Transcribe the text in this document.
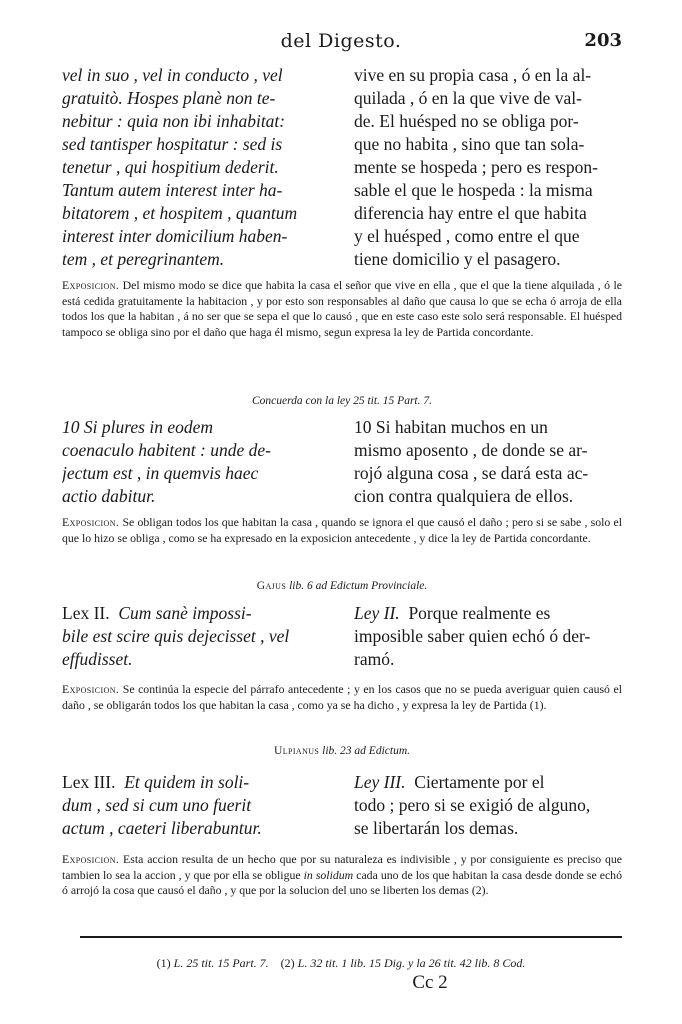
del Digesto.	203
vel in suo , vel in conducto , vel
gratuitò. Hospes planè non te-
nebitur : quia non ibi inhabitat:
sed tantisper hospitatur : sed is
tenetur , qui hospitium dederit.
Tantum autem interest inter ha-
bitatorem , et hospitem , quantum
interest inter domicilium haben-
tem , et peregrinantem.
vive en su propia casa , ó en la al-
quilada , ó en la que vive de val-
de. El huésped no se obliga por-
que no habita , sino que tan sola-
mente se hospeda ; pero es respon-
sable el que le hospeda : la misma
diferencia hay entre el que habita
y el huésped , como entre el que
tiene domicilio y el pasagero.

Exposicion. Del mismo modo se dice que habita la casa el señor que vive en ella , que el que la tiene alquilada , ó le está cedida gratuitamente la habitacion , y por esto son responsables al daño que causa lo que se echa ó arroja de ella todos los que la habitan , á no ser que se sepa el que lo causó , que en este caso este solo será responsable. El huésped tampoco se obliga sino por el daño que haga él mismo, segun expresa la ley de Partida concordante.

Concuerda con la ley 25 tit. 15 Part. 7.

10 Si plures in eodem
coenaculo habitent : unde de-
jectum est , in quemvis haec
actio dabitur.
10 Si habitan muchos en un
mismo aposento , de donde se ar-
rojó alguna cosa , se dará esta ac-
cion contra qualquiera de ellos.

Exposicion. Se obligan todos los que habitan la casa , quando se ignora el que causó el daño ; pero si se sabe , solo el que lo hizo se obliga , como se ha expresado en la exposicion antecedente , y dice la ley de Partida concordante.

Gajus lib. 6 ad Edictum Provinciale.

Lex II. Cum sanè impossi-
bile est scire quis dejecisset , vel
effudisset.
Ley II. Porque realmente es
imposible saber quien echó ó der-
ramó.

Exposicion. Se continúa la especie del párrafo antecedente ; y en los casos que no se pueda averiguar quien causó el daño , se obligarán todos los que habitan la casa , como ya se ha dicho , y expresa la ley de Partida (1).

Ulpianus lib. 23 ad Edictum.

Lex III. Et quidem in soli-
dum , sed si cum uno fuerit
actum , caeteri liberabuntur.
Ley III. Ciertamente por el
todo ; pero si se exigió de alguno,
se libertarán los demas.

Exposicion. Esta accion resulta de un hecho que por su naturaleza es indivisible , y por consiguiente es preciso que tambien lo sea la accion , y que por ella se obligue in solidum cada uno de los que habitan la casa desde donde se echó ó arrojó la cosa que causó el daño , y que por la solucion del uno se liberten los demas (2).

(1) L. 25 tit. 15 Part. 7. (2) L. 32 tit. 1 lib. 15 Dig. y la 26 tit. 42 lib. 8 Cod.

Cc 2
